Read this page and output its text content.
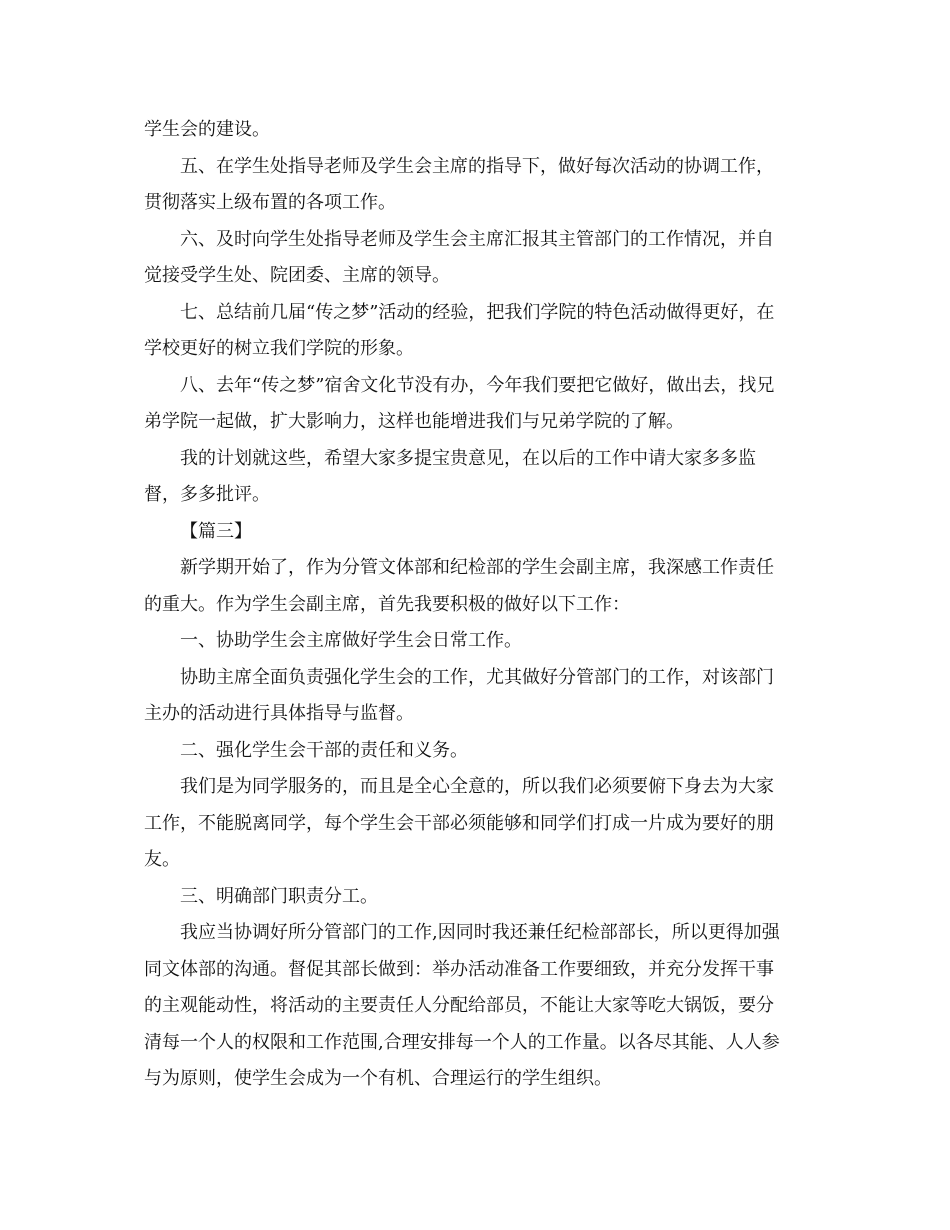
学生会的建设。
五、在学生处指导老师及学生会主席的指导下，做好每次活动的协调工作，
贯彻落实上级布置的各项工作。
六、及时向学生处指导老师及学生会主席汇报其主管部门的工作情况，并自
觉接受学生处、院团委、主席的领导。
七、总结前几届“传之梦”活动的经验，把我们学院的特色活动做得更好，在
学校更好的树立我们学院的形象。
八、去年“传之梦”宿舍文化节没有办，今年我们要把它做好，做出去，找兄
弟学院一起做，扩大影响力，这样也能增进我们与兄弟学院的了解。
我的计划就这些，希望大家多提宝贵意见，在以后的工作中请大家多多监
督，多多批评。
【篇三】
新学期开始了，作为分管文体部和纪检部的学生会副主席，我深感工作责任
的重大。作为学生会副主席，首先我要积极的做好以下工作：
一、协助学生会主席做好学生会日常工作。
协助主席全面负责强化学生会的工作，尤其做好分管部门的工作，对该部门
主办的活动进行具体指导与监督。
二、强化学生会干部的责任和义务。
我们是为同学服务的，而且是全心全意的，所以我们必须要俯下身去为大家
工作，不能脱离同学，每个学生会干部必须能够和同学们打成一片成为要好的朋
友。
三、明确部门职责分工。
我应当协调好所分管部门的工作,因同时我还兼任纪检部部长，所以更得加强
同文体部的沟通。督促其部长做到：举办活动准备工作要细致，并充分发挥干事
的主观能动性，将活动的主要责任人分配给部员，不能让大家等吃大锅饭，要分
清每一个人的权限和工作范围,合理安排每一个人的工作量。以各尽其能、人人参
与为原则，使学生会成为一个有机、合理运行的学生组织。
